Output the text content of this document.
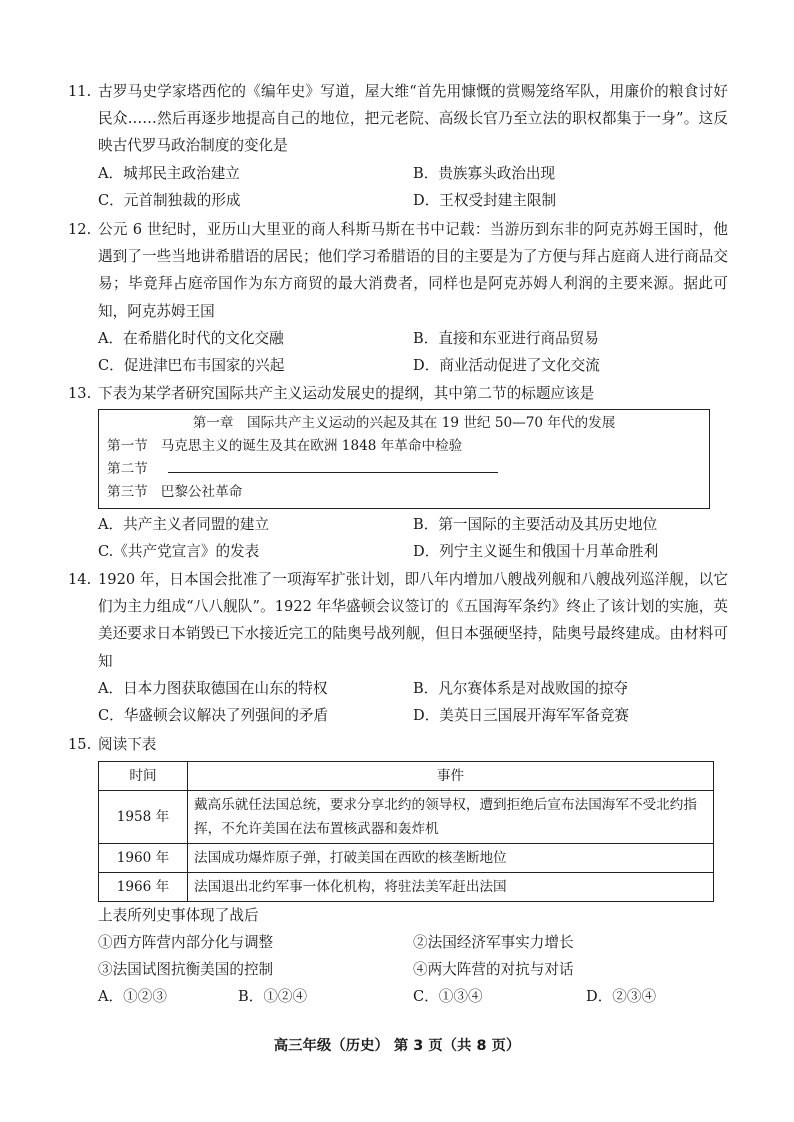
11. 古罗马史学家塔西佗的《编年史》写道，屋大维“首先用慷慨的赏赐笼络军队，用廉价的粮食讨好民众……然后再逐步地提高自己的地位，把元老院、高级长官乃至立法的职权都集于一身”。这反映古代罗马政治制度的变化是
A．城邦民主政治建立	B．贵族寡头政治出现
C．元首制独裁的形成	D．王权受封建主限制
12. 公元 6 世纪时，亚历山大里亚的商人科斯马斯在书中记载：当游历到东非的阿克苏姆王国时，他遇到了一些当地讲希腊语的居民；他们学习希腊语的目的主要是为了方便与拜占庭商人进行商品交易；毕竟拜占庭帝国作为东方商贸的最大消费者，同样也是阿克苏姆人利润的主要来源。据此可知，阿克苏姆王国
A．在希腊化时代的文化交融	B．直接和东亚进行商品贸易
C．促进津巴布韦国家的兴起	D．商业活动促进了文化交流
13. 下表为某学者研究国际共产主义运动发展史的提纲，其中第二节的标题应该是
第一章　国际共产主义运动的兴起及其在 19 世纪 50—70 年代的发展
第一节 马克思主义的诞生及其在欧洲 1848 年革命中检验
第二节
第三节 巴黎公社革命
A．共产主义者同盟的建立	B．第一国际的主要活动及其历史地位
C.《共产党宣言》的发表	D．列宁主义诞生和俄国十月革命胜利
14. 1920 年，日本国会批准了一项海军扩张计划，即八年内增加八艘战列舰和八艘战列巡洋舰，以它们为主力组成“八八舰队”。1922 年华盛顿会议签订的《五国海军条约》终止了该计划的实施，英美还要求日本销毁已下水接近完工的陆奥号战列舰，但日本强硬坚持，陆奥号最终建成。由材料可知
A．日本力图获取德国在山东的特权	B．凡尔赛体系是对战败国的掠夺
C．华盛顿会议解决了列强间的矛盾	D．美英日三国展开海军军备竞赛
15. 阅读下表
时间	事件
1958 年	戴高乐就任法国总统，要求分享北约的领导权，遭到拒绝后宣布法国海军不受北约指挥，不允许美国在法布置核武器和轰炸机
1960 年	法国成功爆炸原子弹，打破美国在西欧的核垄断地位
1966 年	法国退出北约军事一体化机构，将驻法美军赶出法国
上表所列史事体现了战后
①西方阵营内部分化与调整	②法国经济军事实力增长
③法国试图抗衡美国的控制	④两大阵营的对抗与对话
A．①②③	B．①②④	C．①③④	D．②③④
高三年级（历史） 第 3 页（共 8 页）
